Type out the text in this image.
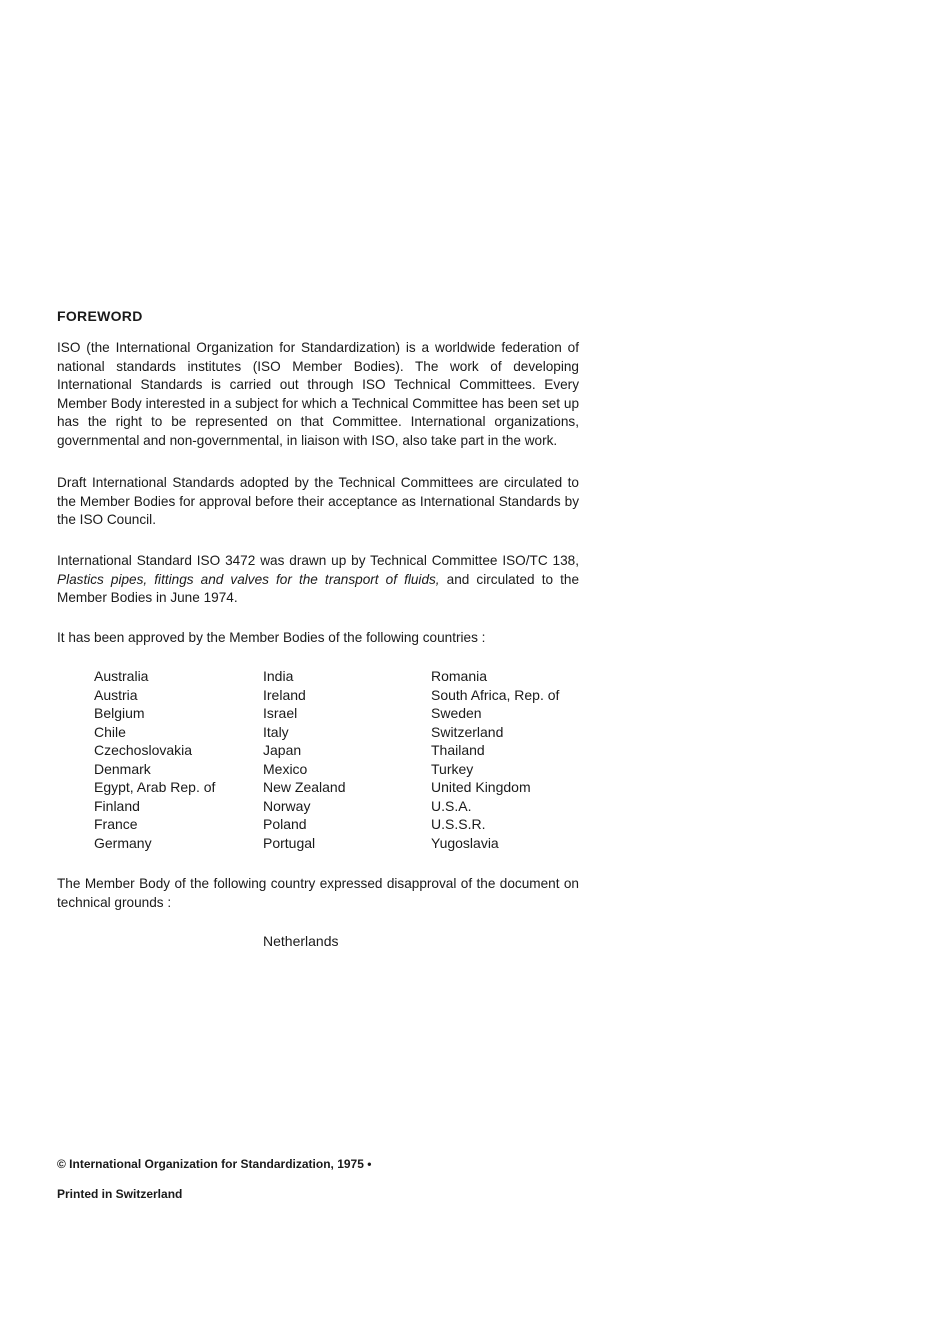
FOREWORD
ISO (the International Organization for Standardization) is a worldwide federation of national standards institutes (ISO Member Bodies). The work of developing International Standards is carried out through ISO Technical Committees. Every Member Body interested in a subject for which a Technical Committee has been set up has the right to be represented on that Committee. International organizations, governmental and non-governmental, in liaison with ISO, also take part in the work.
Draft International Standards adopted by the Technical Committees are circulated to the Member Bodies for approval before their acceptance as International Standards by the ISO Council.
International Standard ISO 3472 was drawn up by Technical Committee ISO/TC 138, Plastics pipes, fittings and valves for the transport of fluids, and circulated to the Member Bodies in June 1974.
It has been approved by the Member Bodies of the following countries :
Australia
Austria
Belgium
Chile
Czechoslovakia
Denmark
Egypt, Arab Rep. of
Finland
France
Germany
India
Ireland
Israel
Italy
Japan
Mexico
New Zealand
Norway
Poland
Portugal
Romania
South Africa, Rep. of
Sweden
Switzerland
Thailand
Turkey
United Kingdom
U.S.A.
U.S.S.R.
Yugoslavia
The Member Body of the following country expressed disapproval of the document on technical grounds :
Netherlands
© International Organization for Standardization, 1975 •
Printed in Switzerland
